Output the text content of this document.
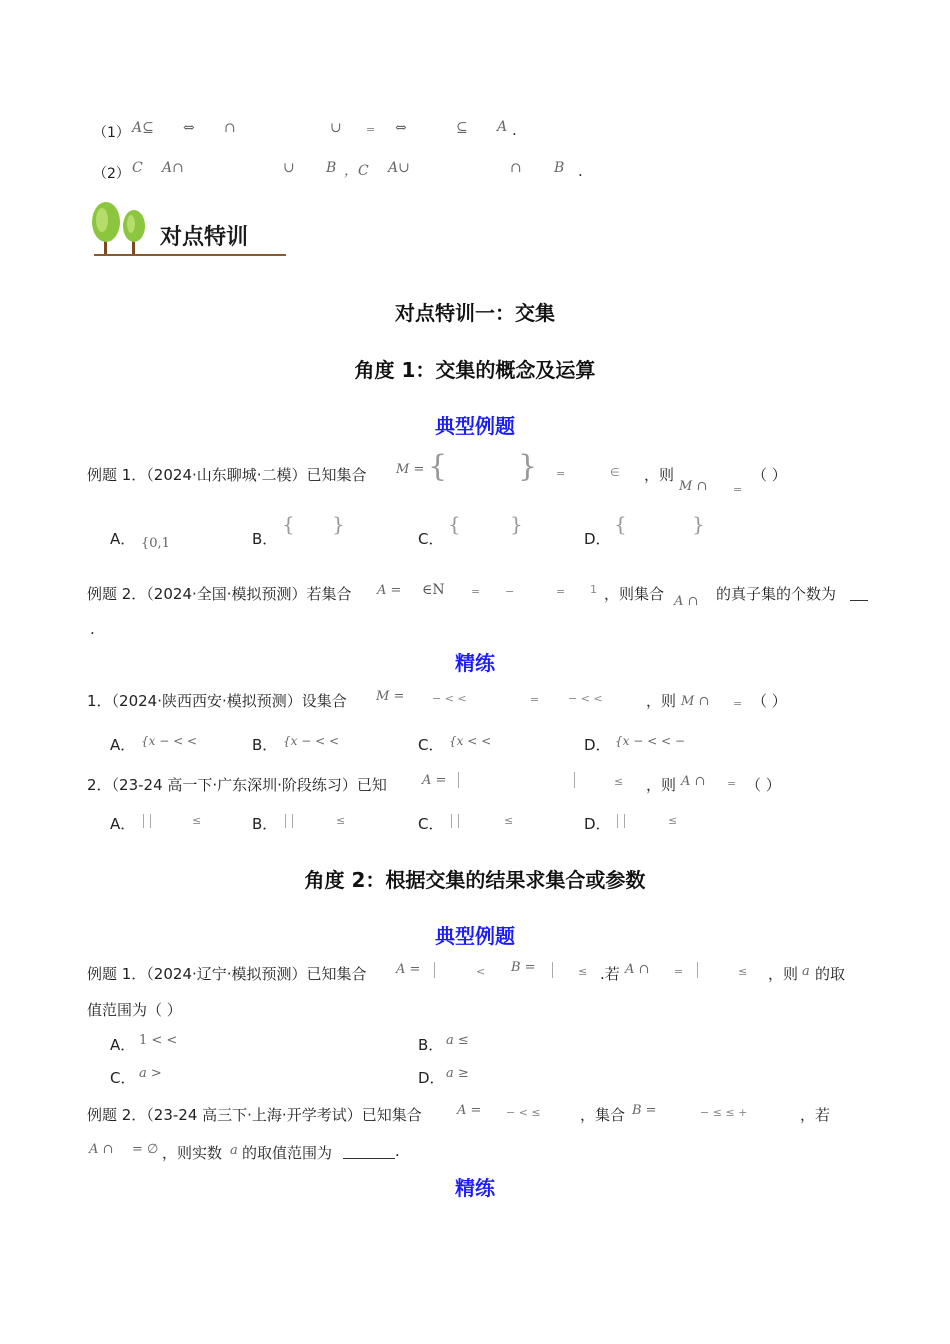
（1） A⊆ ⇔ ∩	∪ = ⇔	⊆ A .
（2） C A∩	∪ B ，C A∪	∩ B .
对点特训
对点特训一：交集
角度 1：交集的概念及运算
典型例题
例题 1．（2024·山东聊城·二模）已知集合 M = { } =	∈ ，则
M ∩ =
（ ）
A． {0,1	B．
{ }
C．
{ }
D．
{	}
例题 2．（2024·全国·模拟预测）若集合 A = ∈N = −	= 1 ，则集合 A ∩ 的真子集的个数为
.
精练
1．（2024·陕西西安·模拟预测）设集合 M =	− < <	=	− < <	，则 M ∩ = （ ）
A． {x − < <	B． {x − < <	C． {x < <	D． {x − < < −
2．（23-24 高一下·广东深圳·阶段练习）已知	A =	≤ ，则 A ∩ = （ ）
A．	≤	B．	≤	C．	≤	D．	≤
角度 2：根据交集的结果求集合或参数
典型例题
例题 1．（2024·辽宁·模拟预测）已知集合 A =	< B =	≤ .若 A ∩ =	≤ ，则 a 的取
值范围为（ ）
A． 1 < <	B． a ≤
C． a >	D． a ≥
例题 2．（23-24 高三下·上海·开学考试）已知集合	A = − < ≤	，集合 B =	− ≤ ≤ +	，若
A ∩ = ∅ ，则实数 a 的取值范围为	.
精练
